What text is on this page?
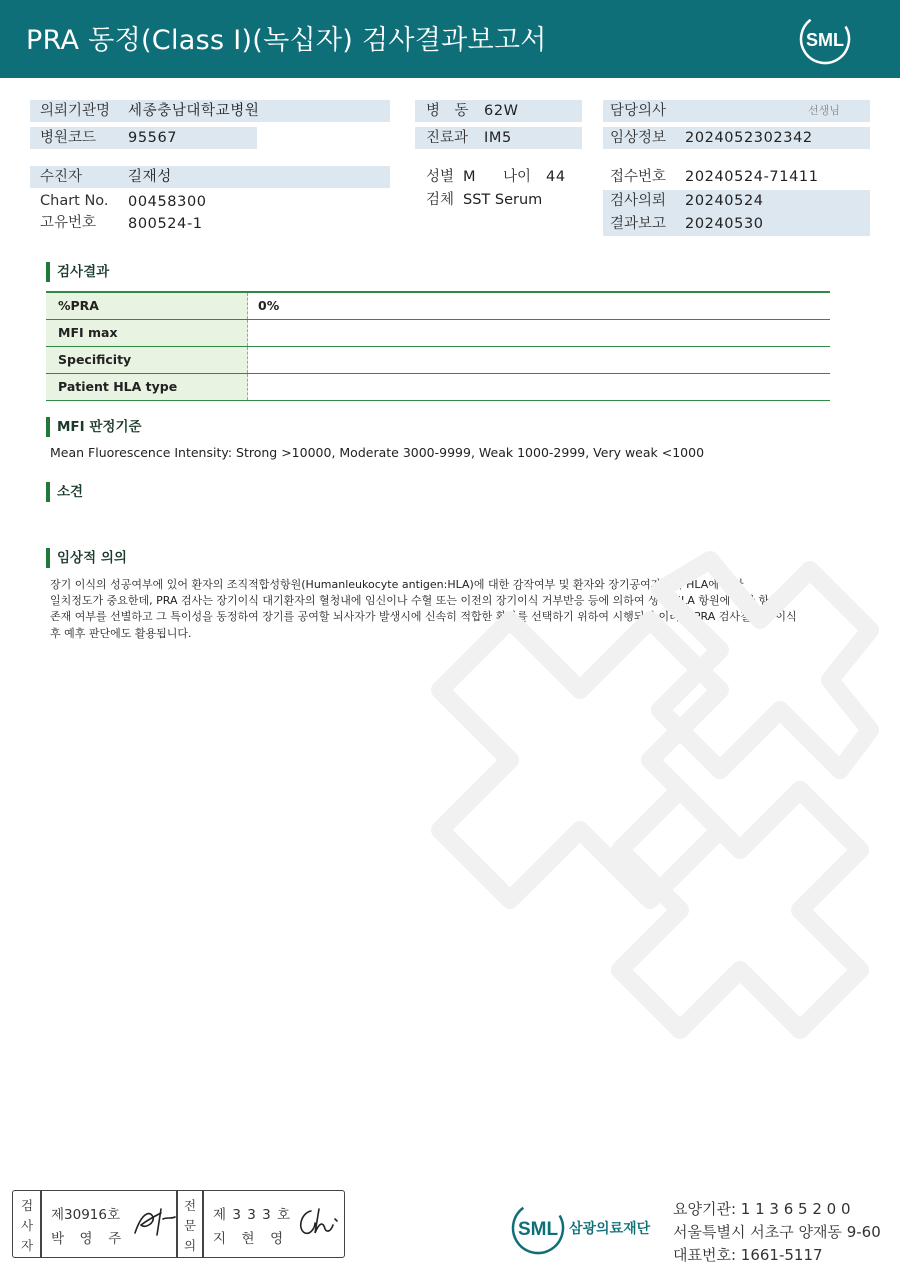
PRA 동정(Class I)(녹십자) 검사결과보고서	SML
의뢰기관명 세종충남대학교병원
병원코드 95567
수진자	길재성
Chart No. 00458300
고유번호 800524-1
병　동 62W
진료과 IM5
성별 M 나이 44
검체 SST Serum
담당의사	선생님
임상정보 2024052302342
접수번호 20240524-71411
검사의뢰 20240524
결과보고 20240530
검사결과
%PRA	0%
MFI max
Specificity
Patient HLA type
MFI 판정기준
Mean Fluorescence Intensity: Strong >10000, Moderate 3000-9999, Weak 1000-2999, Very weak <1000
소견
임상적 의의
장기 이식의 성공여부에 있어 환자의 조직적합성항원(Humanleukocyte antigen:HLA)에 대한 감작여부 및 환자와 장기공여자간의 HLA에 대한
일치정도가 중요한데, PRA 검사는 장기이식 대기환자의 혈청내에 임신이나 수혈 또는 이전의 장기이식 거부반응 등에 의하여 생긴 HLA 항원에 대한 항체
존재 여부를 선별하고 그 특이성을 동정하여 장기를 공여할 뇌사자가 발생시에 신속히 적합한 환자를 선택하기 위하여 시행되며 이러한 PRA 검사결과는 이식
후 예후 판단에도 활용됩니다.
검
사
자
제30916호
박　영　주
전
문
의
제 3 3 3 호
지　현　영	SML 삼광의료재단
요양기관: 1 1 3 6 5 2 0 0
서울특별시 서초구 양재동 9-60
대표번호: 1661-5117
